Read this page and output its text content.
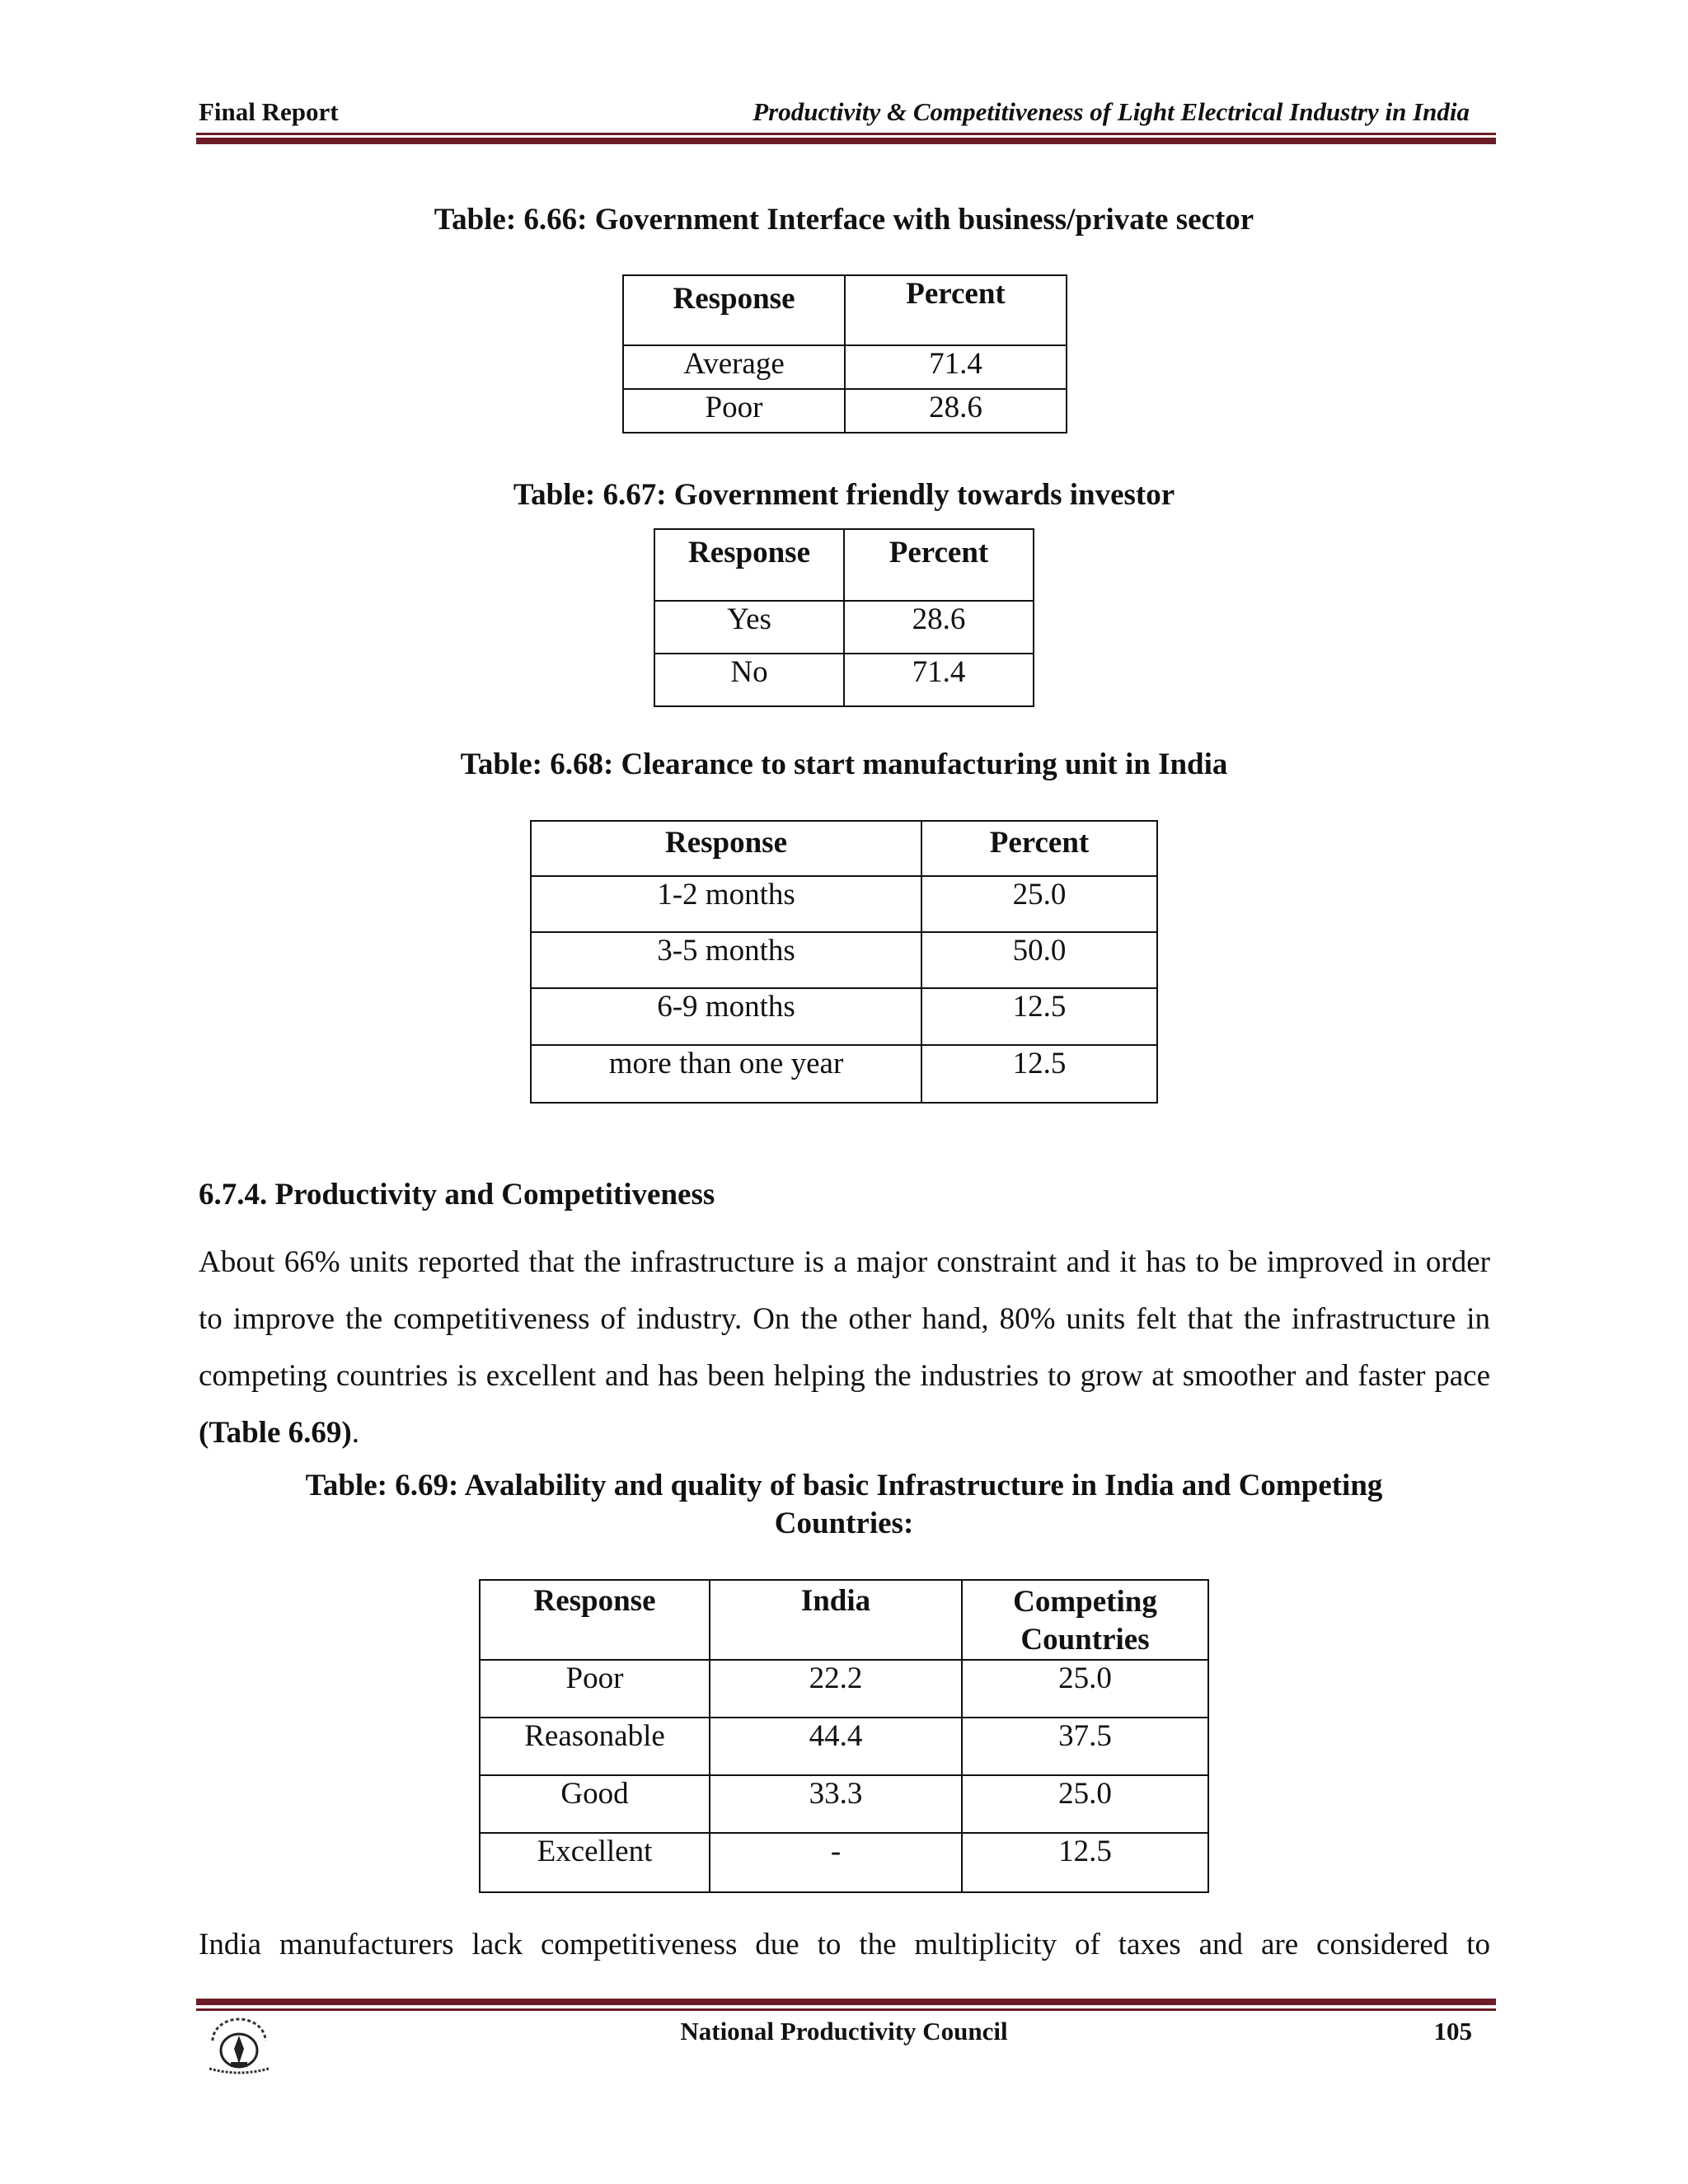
Final Report	Productivity & Competitiveness of Light Electrical Industry in India
Table: 6.66: Government Interface with business/private sector
Response	Percent
Average	71.4
Poor	28.6
Table: 6.67: Government friendly towards investor
Response	Percent
Yes	28.6
No	71.4
Table: 6.68: Clearance to start manufacturing unit in India
Response	Percent
1-2 months	25.0
3-5 months	50.0
6-9 months	12.5
more than one year	12.5
6.7.4. Productivity and Competitiveness
About 66% units reported that the infrastructure is a major constraint and it has to be improved in order to improve the competitiveness of industry. On the other hand, 80% units felt that the infrastructure in competing countries is excellent and has been helping the industries to grow at smoother and faster pace (Table 6.69).
Table: 6.69: Avalability and quality of basic Infrastructure in India and Competing
Countries:
Response	India	Competing Countries
Poor	22.2	25.0
Reasonable	44.4	37.5
Good	33.3	25.0
Excellent	-	12.5
India manufacturers lack competitiveness due to the multiplicity of taxes and are considered to
National Productivity Council	105
